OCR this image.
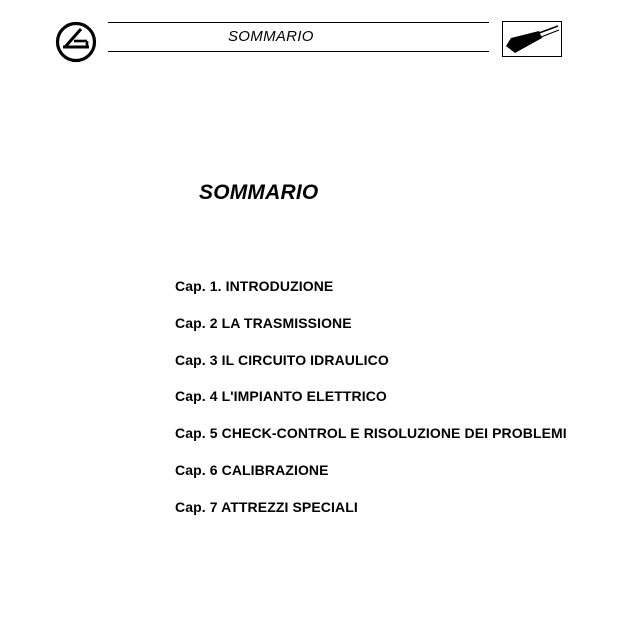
SOMMARIO
SOMMARIO
Cap. 1. INTRODUZIONE
Cap. 2 LA TRASMISSIONE
Cap. 3 IL CIRCUITO IDRAULICO
Cap. 4 L'IMPIANTO ELETTRICO
Cap. 5 CHECK-CONTROL E RISOLUZIONE DEI PROBLEMI
Cap. 6 CALIBRAZIONE
Cap. 7 ATTREZZI SPECIALI
